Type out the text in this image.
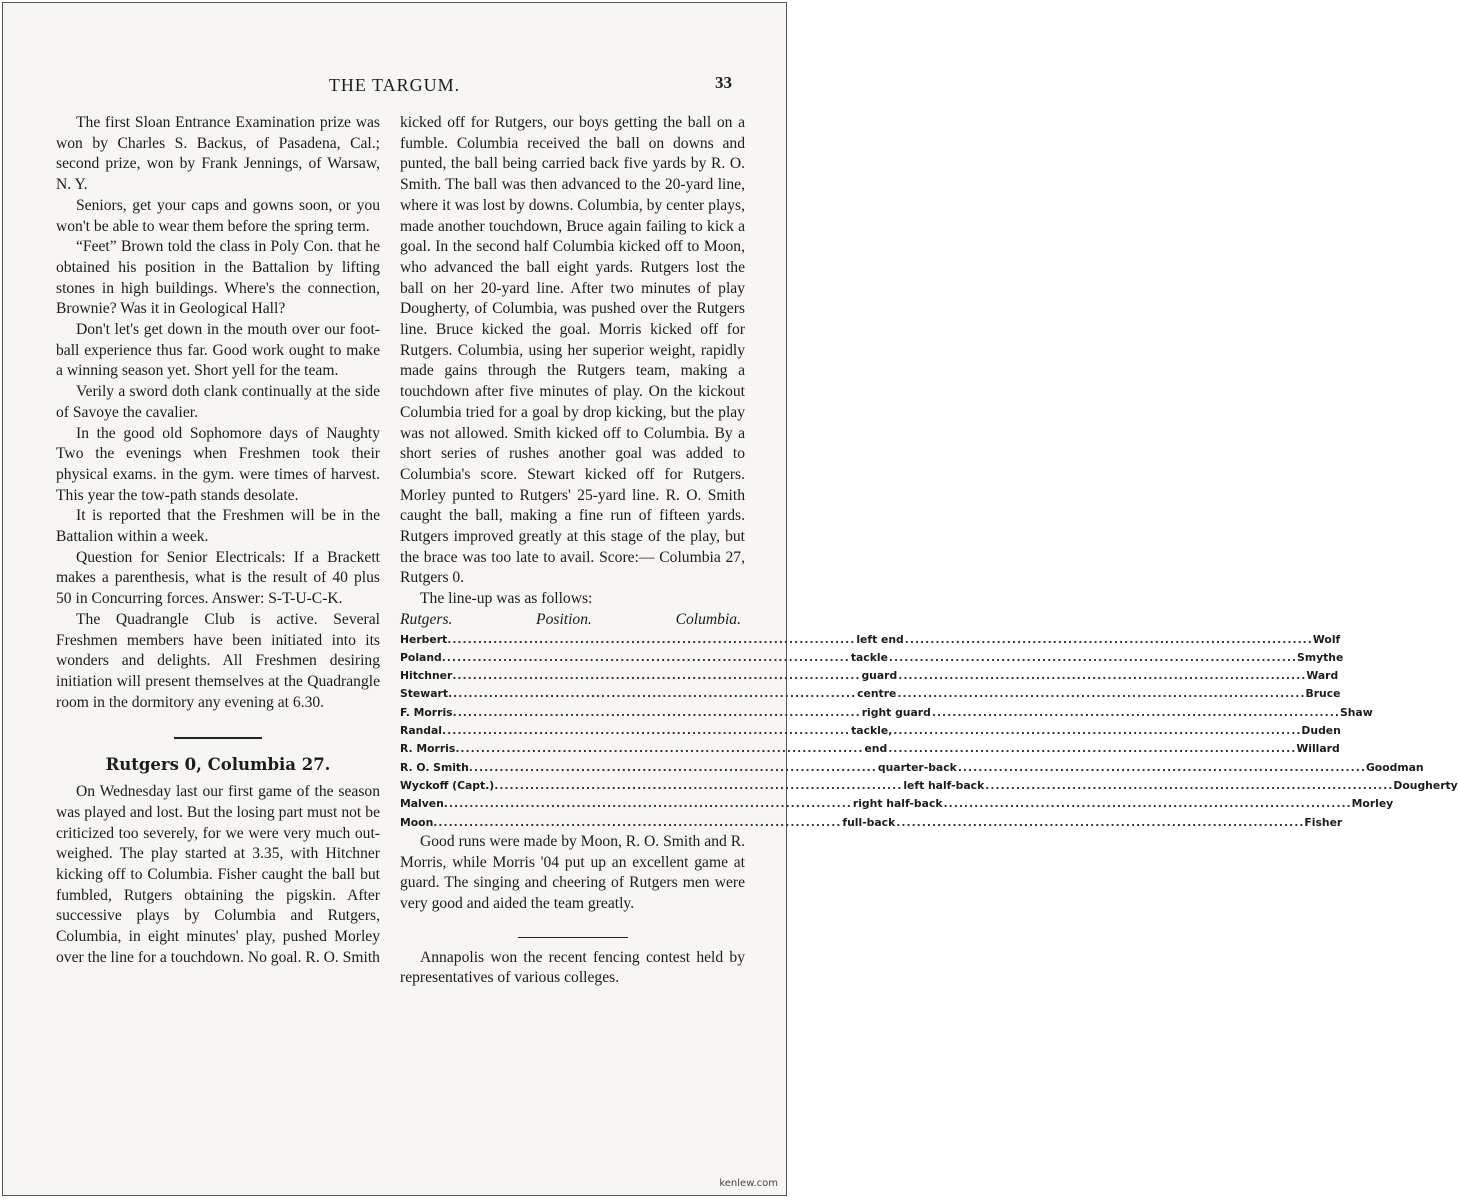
THE TARGUM.	33

The first Sloan Entrance Examination prize was won by Charles S. Backus, of Pasadena, Cal.; second prize, won by Frank Jennings, of Warsaw, N. Y.

Seniors, get your caps and gowns soon, or you won't be able to wear them before the spring term.

“Feet” Brown told the class in Poly Con. that he obtained his position in the Battalion by lifting stones in high buildings. Where's the connection, Brownie? Was it in Geological Hall?

Don't let's get down in the mouth over our foot-ball experience thus far. Good work ought to make a winning season yet. Short yell for the team.

Verily a sword doth clank continually at the side of Savoye the cavalier.

In the good old Sophomore days of Naughty Two the evenings when Freshmen took their physical exams. in the gym. were times of harvest. This year the tow-path stands desolate.

It is reported that the Freshmen will be in the Battalion within a week.

Question for Senior Electricals: If a Brackett makes a parenthesis, what is the result of 40 plus 50 in Concurring forces. Answer: S-T-U-C-K.

The Quadrangle Club is active. Several Freshmen members have been initiated into its wonders and delights. All Freshmen desiring initiation will present themselves at the Quadrangle room in the dormitory any evening at 6.30.

Rutgers 0, Columbia 27.

On Wednesday last our first game of the season was played and lost. But the losing part must not be criticized too severely, for we were very much out-weighed. The play started at 3.35, with Hitchner kicking off to Columbia. Fisher caught the ball but fumbled, Rutgers obtaining the pigskin. After successive plays by Columbia and Rutgers, Columbia, in eight minutes' play, pushed Morley over the line for a touchdown. No goal. R. O. Smith

kicked off for Rutgers, our boys getting the ball on a fumble. Columbia received the ball on downs and punted, the ball being carried back five yards by R. O. Smith. The ball was then advanced to the 20-yard line, where it was lost by downs. Columbia, by center plays, made another touchdown, Bruce again failing to kick a goal. In the second half Columbia kicked off to Moon, who advanced the ball eight yards. Rutgers lost the ball on her 20-yard line. After two minutes of play Dougherty, of Columbia, was pushed over the Rutgers line. Bruce kicked the goal. Morris kicked off for Rutgers. Columbia, using her superior weight, rapidly made gains through the Rutgers team, making a touchdown after five minutes of play. On the kickout Columbia tried for a goal by drop kicking, but the play was not allowed. Smith kicked off to Columbia. By a short series of rushes another goal was added to Columbia's score. Stewart kicked off for Rutgers. Morley punted to Rutgers' 25-yard line. R. O. Smith caught the ball, making a fine run of fifteen yards. Rutgers improved greatly at this stage of the play, but the brace was too late to avail. Score:— Columbia 27, Rutgers 0.

The line-up was as follows:

Rutgers.	Position.	Columbia.
Herbert ................................................................................ left end ................................................................................ Wolf
Poland ................................................................................ tackle ................................................................................ Smythe
Hitchner ................................................................................ guard ................................................................................ Ward
Stewart ................................................................................ centre ................................................................................ Bruce
F. Morris ................................................................................ right guard ................................................................................ Shaw
Randal ................................................................................ tackle, ................................................................................ Duden
R. Morris ................................................................................ end ................................................................................ Willard
R. O. Smith ................................................................................ quarter-back ................................................................................ Goodman
Wyckoff (Capt.) ................................................................................ left half-back ................................................................................ Dougherty
Malven ................................................................................ right half-back ................................................................................ Morley
Moon ................................................................................ full-back ................................................................................ Fisher

Good runs were made by Moon, R. O. Smith and R. Morris, while Morris '04 put up an excellent game at guard. The singing and cheering of Rutgers men were very good and aided the team greatly.

Annapolis won the recent fencing contest held by representatives of various colleges.

kenlew.com
